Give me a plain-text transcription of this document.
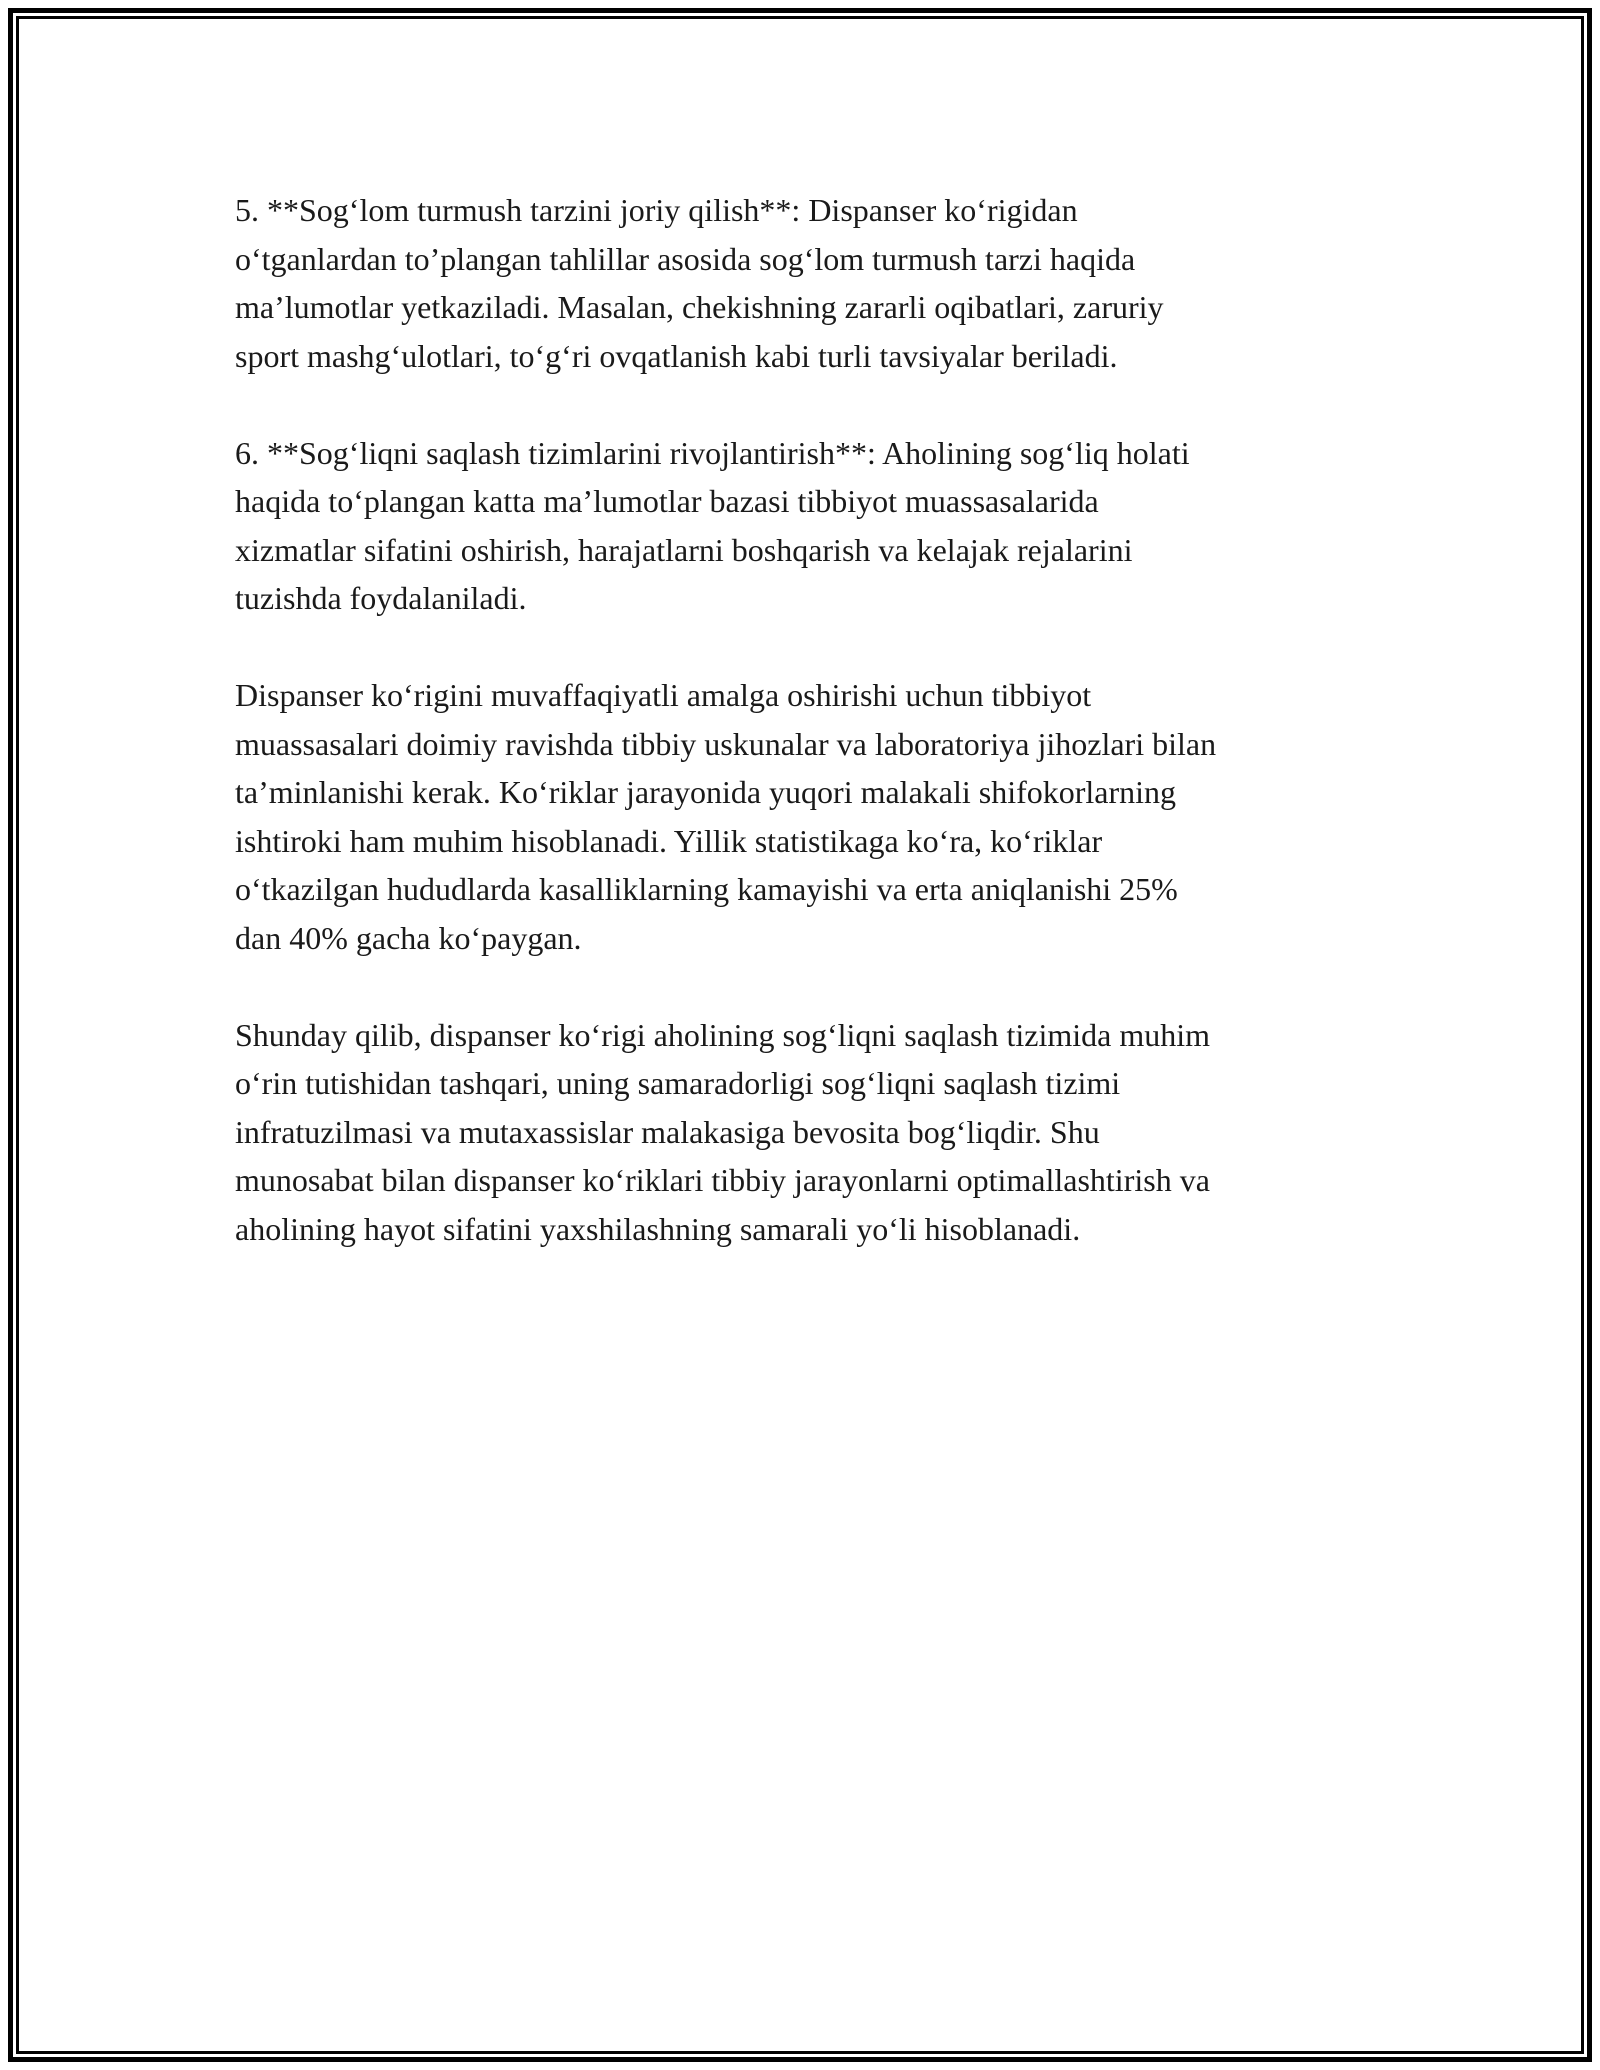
5. **Sog‘lom turmush tarzini joriy qilish**: Dispanser ko‘rigidan
o‘tganlardan to’plangan tahlillar asosida sog‘lom turmush tarzi haqida
ma’lumotlar yetkaziladi. Masalan, chekishning zararli oqibatlari, zaruriy
sport mashg‘ulotlari, to‘g‘ri ovqatlanish kabi turli tavsiyalar beriladi.

6. **Sog‘liqni saqlash tizimlarini rivojlantirish**: Aholining sog‘liq holati
haqida to‘plangan katta ma’lumotlar bazasi tibbiyot muassasalarida
xizmatlar sifatini oshirish, harajatlarni boshqarish va kelajak rejalarini
tuzishda foydalaniladi.

Dispanser ko‘rigini muvaffaqiyatli amalga oshirishi uchun tibbiyot
muassasalari doimiy ravishda tibbiy uskunalar va laboratoriya jihozlari bilan
ta’minlanishi kerak. Ko‘riklar jarayonida yuqori malakali shifokorlarning
ishtiroki ham muhim hisoblanadi. Yillik statistikaga ko‘ra, ko‘riklar
o‘tkazilgan hududlarda kasalliklarning kamayishi va erta aniqlanishi 25%
dan 40% gacha ko‘paygan.

Shunday qilib, dispanser ko‘rigi aholining sog‘liqni saqlash tizimida muhim
o‘rin tutishidan tashqari, uning samaradorligi sog‘liqni saqlash tizimi
infratuzilmasi va mutaxassislar malakasiga bevosita bog‘liqdir. Shu
munosabat bilan dispanser ko‘riklari tibbiy jarayonlarni optimallashtirish va
aholining hayot sifatini yaxshilashning samarali yo‘li hisoblanadi.
